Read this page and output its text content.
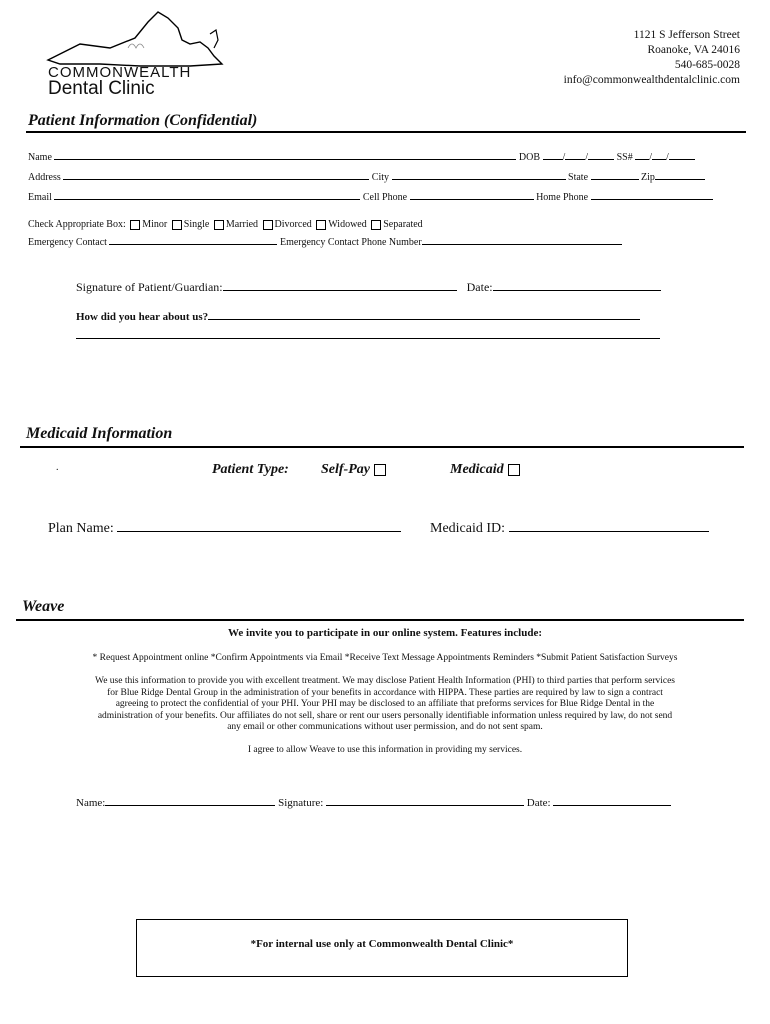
COMMONWEALTH
Dental Clinic
1121 S Jefferson Street
Roanoke, VA 24016
540-685-0028
info@commonwealthdentalclinic.com
Patient Information (Confidential)
Name	DOB / /	SS# / /
Address	City	State	Zip
Email	Cell Phone	Home Phone
Check Appropriate Box: Minor Single Married Divorced Widowed Separated
Emergency Contact	Emergency Contact Phone Number
Signature of Patient/Guardian:	Date:
How did you hear about us?
Medicaid Information
.	Patient Type: Self-Pay	Medicaid
Plan Name:	Medicaid ID:
Weave
We invite you to participate in our online system. Features include:
* Request Appointment online *Confirm Appointments via Email *Receive Text Message Appointments Reminders *Submit Patient Satisfaction Surveys
We use this information to provide you with excellent treatment. We may disclose Patient Health Information (PHI) to third parties that perform services
for Blue Ridge Dental Group in the administration of your benefits in accordance with HIPPA. These parties are required by law to sign a contract
agreeing to protect the confidential of your PHI. Your PHI may be disclosed to an affiliate that preforms services for Blue Ridge Dental in the
administration of your benefits. Our affiliates do not sell, share or rent our users personally identifiable information unless required by law, do not send
any email or other communications without user permission, and do not sent spam.
I agree to allow Weave to use this information in providing my services.
Name:	Signature:	Date:
*For internal use only at Commonwealth Dental Clinic*
